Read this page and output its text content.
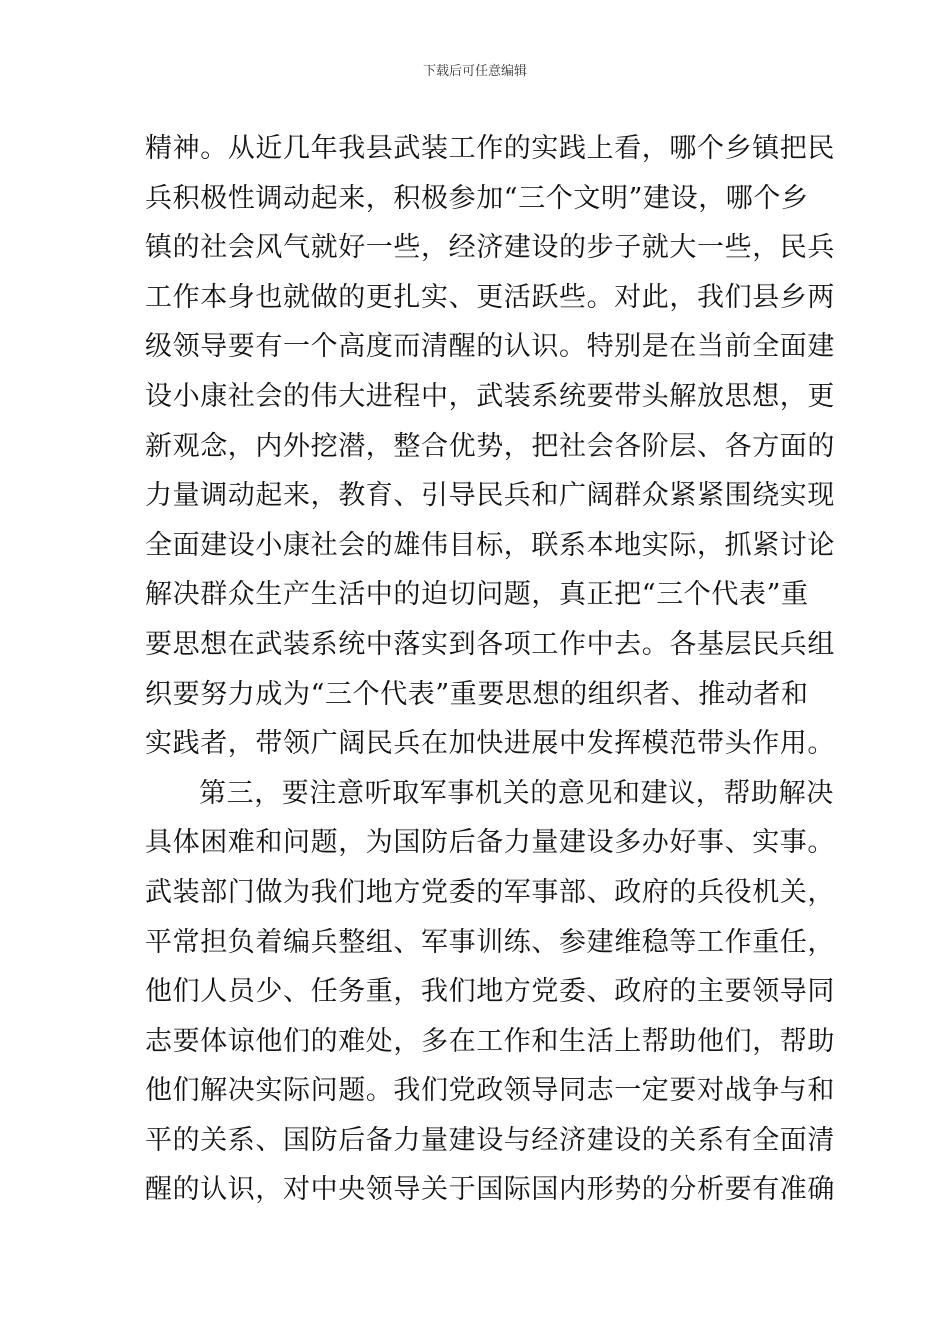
下载后可任意编辑
精神。从近几年我县武装工作的实践上看，哪个乡镇把民
兵积极性调动起来，积极参加“三个文明”建设，哪个乡
镇的社会风气就好一些，经济建设的步子就大一些，民兵
工作本身也就做的更扎实、更活跃些。对此，我们县乡两
级领导要有一个高度而清醒的认识。特别是在当前全面建
设小康社会的伟大进程中，武装系统要带头解放思想，更
新观念，内外挖潜，整合优势，把社会各阶层、各方面的
力量调动起来，教育、引导民兵和广阔群众紧紧围绕实现
全面建设小康社会的雄伟目标，联系本地实际，抓紧讨论
解决群众生产生活中的迫切问题，真正把“三个代表”重
要思想在武装系统中落实到各项工作中去。各基层民兵组
织要努力成为“三个代表”重要思想的组织者、推动者和
实践者，带领广阔民兵在加快进展中发挥模范带头作用。
第三，要注意听取军事机关的意见和建议，帮助解决
具体困难和问题，为国防后备力量建设多办好事、实事。
武装部门做为我们地方党委的军事部、政府的兵役机关，
平常担负着编兵整组、军事训练、参建维稳等工作重任，
他们人员少、任务重，我们地方党委、政府的主要领导同
志要体谅他们的难处，多在工作和生活上帮助他们，帮助
他们解决实际问题。我们党政领导同志一定要对战争与和
平的关系、国防后备力量建设与经济建设的关系有全面清
醒的认识，对中央领导关于国际国内形势的分析要有准确
